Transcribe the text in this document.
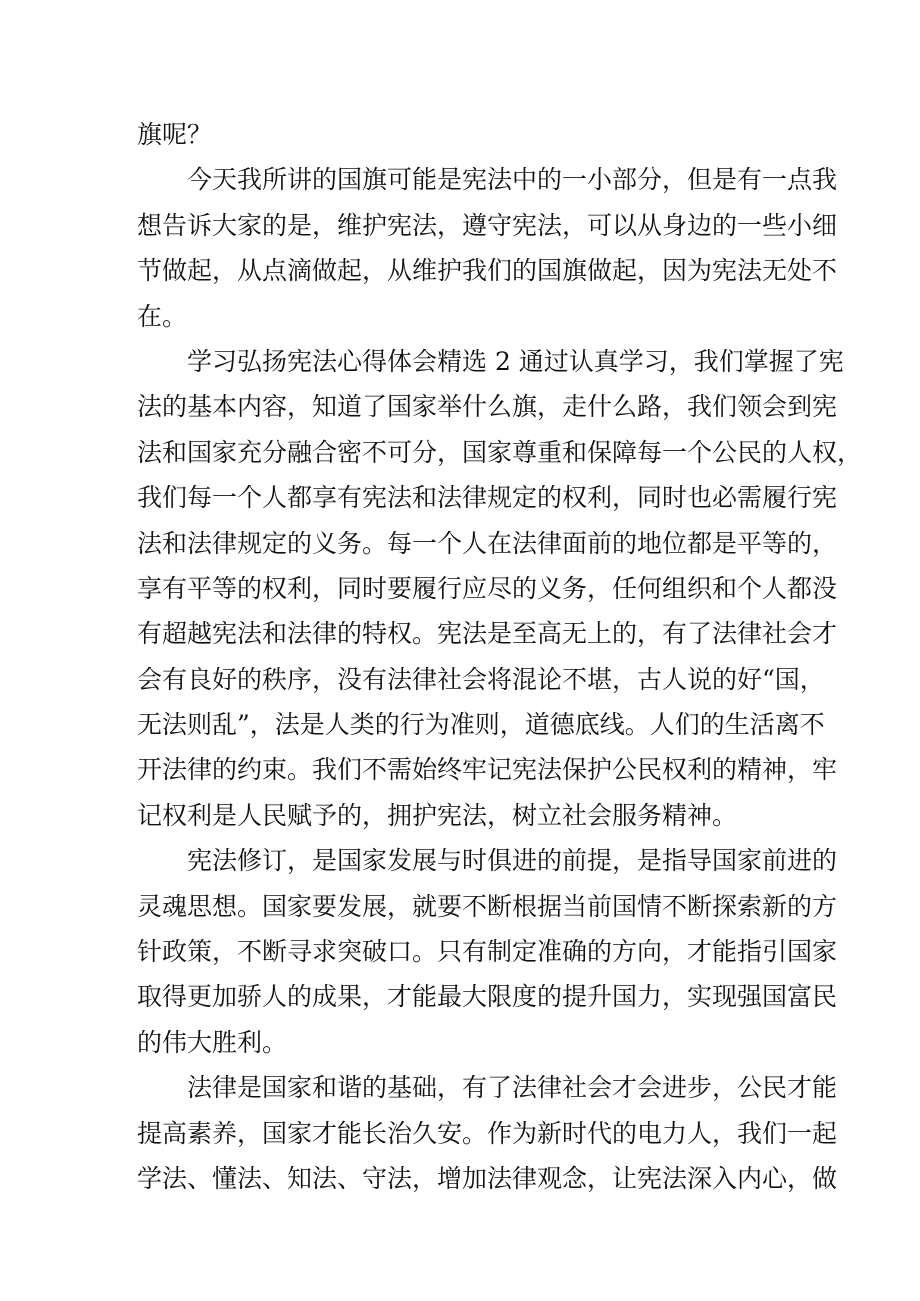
旗呢？
今天我所讲的国旗可能是宪法中的一小部分，但是有一点我
想告诉大家的是，维护宪法，遵守宪法，可以从身边的一些小细
节做起，从点滴做起，从维护我们的国旗做起，因为宪法无处不
在。
学习弘扬宪法心得体会精选 2 通过认真学习，我们掌握了宪
法的基本内容，知道了国家举什么旗，走什么路，我们领会到宪
法和国家充分融合密不可分，国家尊重和保障每一个公民的人权，
我们每一个人都享有宪法和法律规定的权利，同时也必需履行宪
法和法律规定的义务。每一个人在法律面前的地位都是平等的，
享有平等的权利，同时要履行应尽的义务，任何组织和个人都没
有超越宪法和法律的特权。宪法是至高无上的，有了法律社会才
会有良好的秩序，没有法律社会将混论不堪，古人说的好“国，
无法则乱”，法是人类的行为准则，道德底线。人们的生活离不
开法律的约束。我们不需始终牢记宪法保护公民权利的精神，牢
记权利是人民赋予的，拥护宪法，树立社会服务精神。
宪法修订，是国家发展与时俱进的前提，是指导国家前进的
灵魂思想。国家要发展，就要不断根据当前国情不断探索新的方
针政策，不断寻求突破口。只有制定准确的方向，才能指引国家
取得更加骄人的成果，才能最大限度的提升国力，实现强国富民
的伟大胜利。
法律是国家和谐的基础，有了法律社会才会进步，公民才能
提高素养，国家才能长治久安。作为新时代的电力人，我们一起
学法、懂法、知法、守法，增加法律观念，让宪法深入内心，做
